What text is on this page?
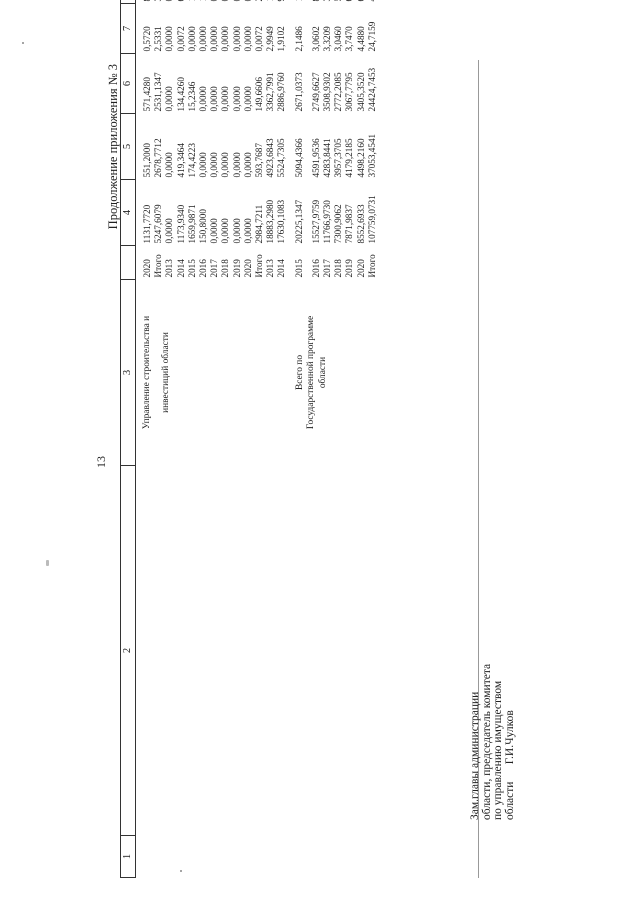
13
Продолжение приложения № 3
1	2	3		4	5	6	7	

		Управление строительства и инвестиций области	2020	1131,7720	551,2000	571,4280	0,5720	
			Итого	5247,6079	2678,7712	2531,1347	2,5331	
			2013	0,0000	0,0000	0,0000	0,0000	
			2014	1173,9340	419,3464	134,4260	0,0072	
			2015	1659,9871	174,4223	15,2346	0,0000	
			2016	150,8000	0,0000	0,0000	0,0000	
			2017	0,0000	0,0000	0,0000	0,0000	
			2018	0,0000	0,0000	0,0000	0,0000	
			2019	0,0000	0,0000	0,0000	0,0000	
			2020	0,0000	0,0000	0,0000	0,0000	
			Итого	2984,7211	593,7687	149,6606	0,0072	

		Всего по Государственной программе области	2013	18883,2980	4923,6843	3362,7991	2,9949	
			2014	17630,1083	5524,7305	2886,9760	1,9102	

			2015	20225,1347	5094,4366	2671,0373	2,1486	

			2016	15527,9759	4591,9536	2749,6627	3,0602	
			2017	11766,9730	4283,8441	3508,9302	3,3209	
			2018	7300,9062	3957,3705	2772,2085	3,0460	
			2019	7871,9837	4179,2185	3067,7795	3,7470	
			2020	8552,6933	4498,2160	3405,3520	4,4880	
			Итого	107759,0731	37053,4541	24424,7453	24,7159	
Зам.главы администрации области, председатель комитета по управлению имуществом области      Г.И.Чулков
